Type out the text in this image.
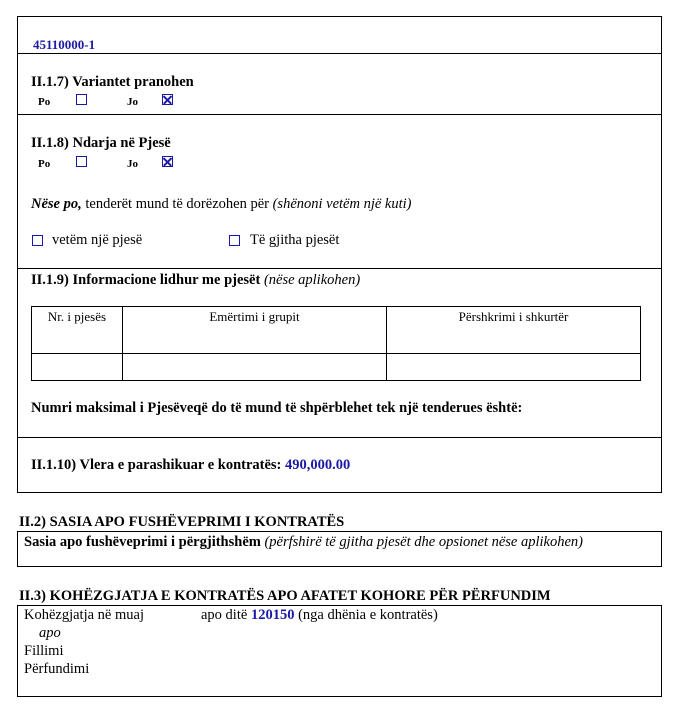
45110000-1
II.1.7) Variantet pranohen
Po	Jo
II.1.8) Ndarja në Pjesë
Po	Jo
Nëse po, tenderët mund të dorëzohen për (shënoni vetëm një kuti)
vetëm një pjesë	Të gjitha pjesët
II.1.9) Informacione lidhur me pjesët (nëse aplikohen)
Nr. i pjesës	Emërtimi i grupit	Përshkrimi i shkurtër

Numri maksimal i Pjesëveqë do të mund të shpërblehet tek një tenderues është:
II.1.10) Vlera e parashikuar e kontratës: 490,000.00
II.2) SASIA APO FUSHËVEPRIMI I KONTRATËS
Sasia apo fushëveprimi i përgjithshëm (përfshirë të gjitha pjesët dhe opsionet nëse aplikohen)
II.3) KOHËZGJATJA E KONTRATËS APO AFATET KOHORE PËR PËRFUNDIM
Kohëzgjatja në muaj	apo ditë 120150 (nga dhënia e kontratës)
apo
Fillimi
Përfundimi
